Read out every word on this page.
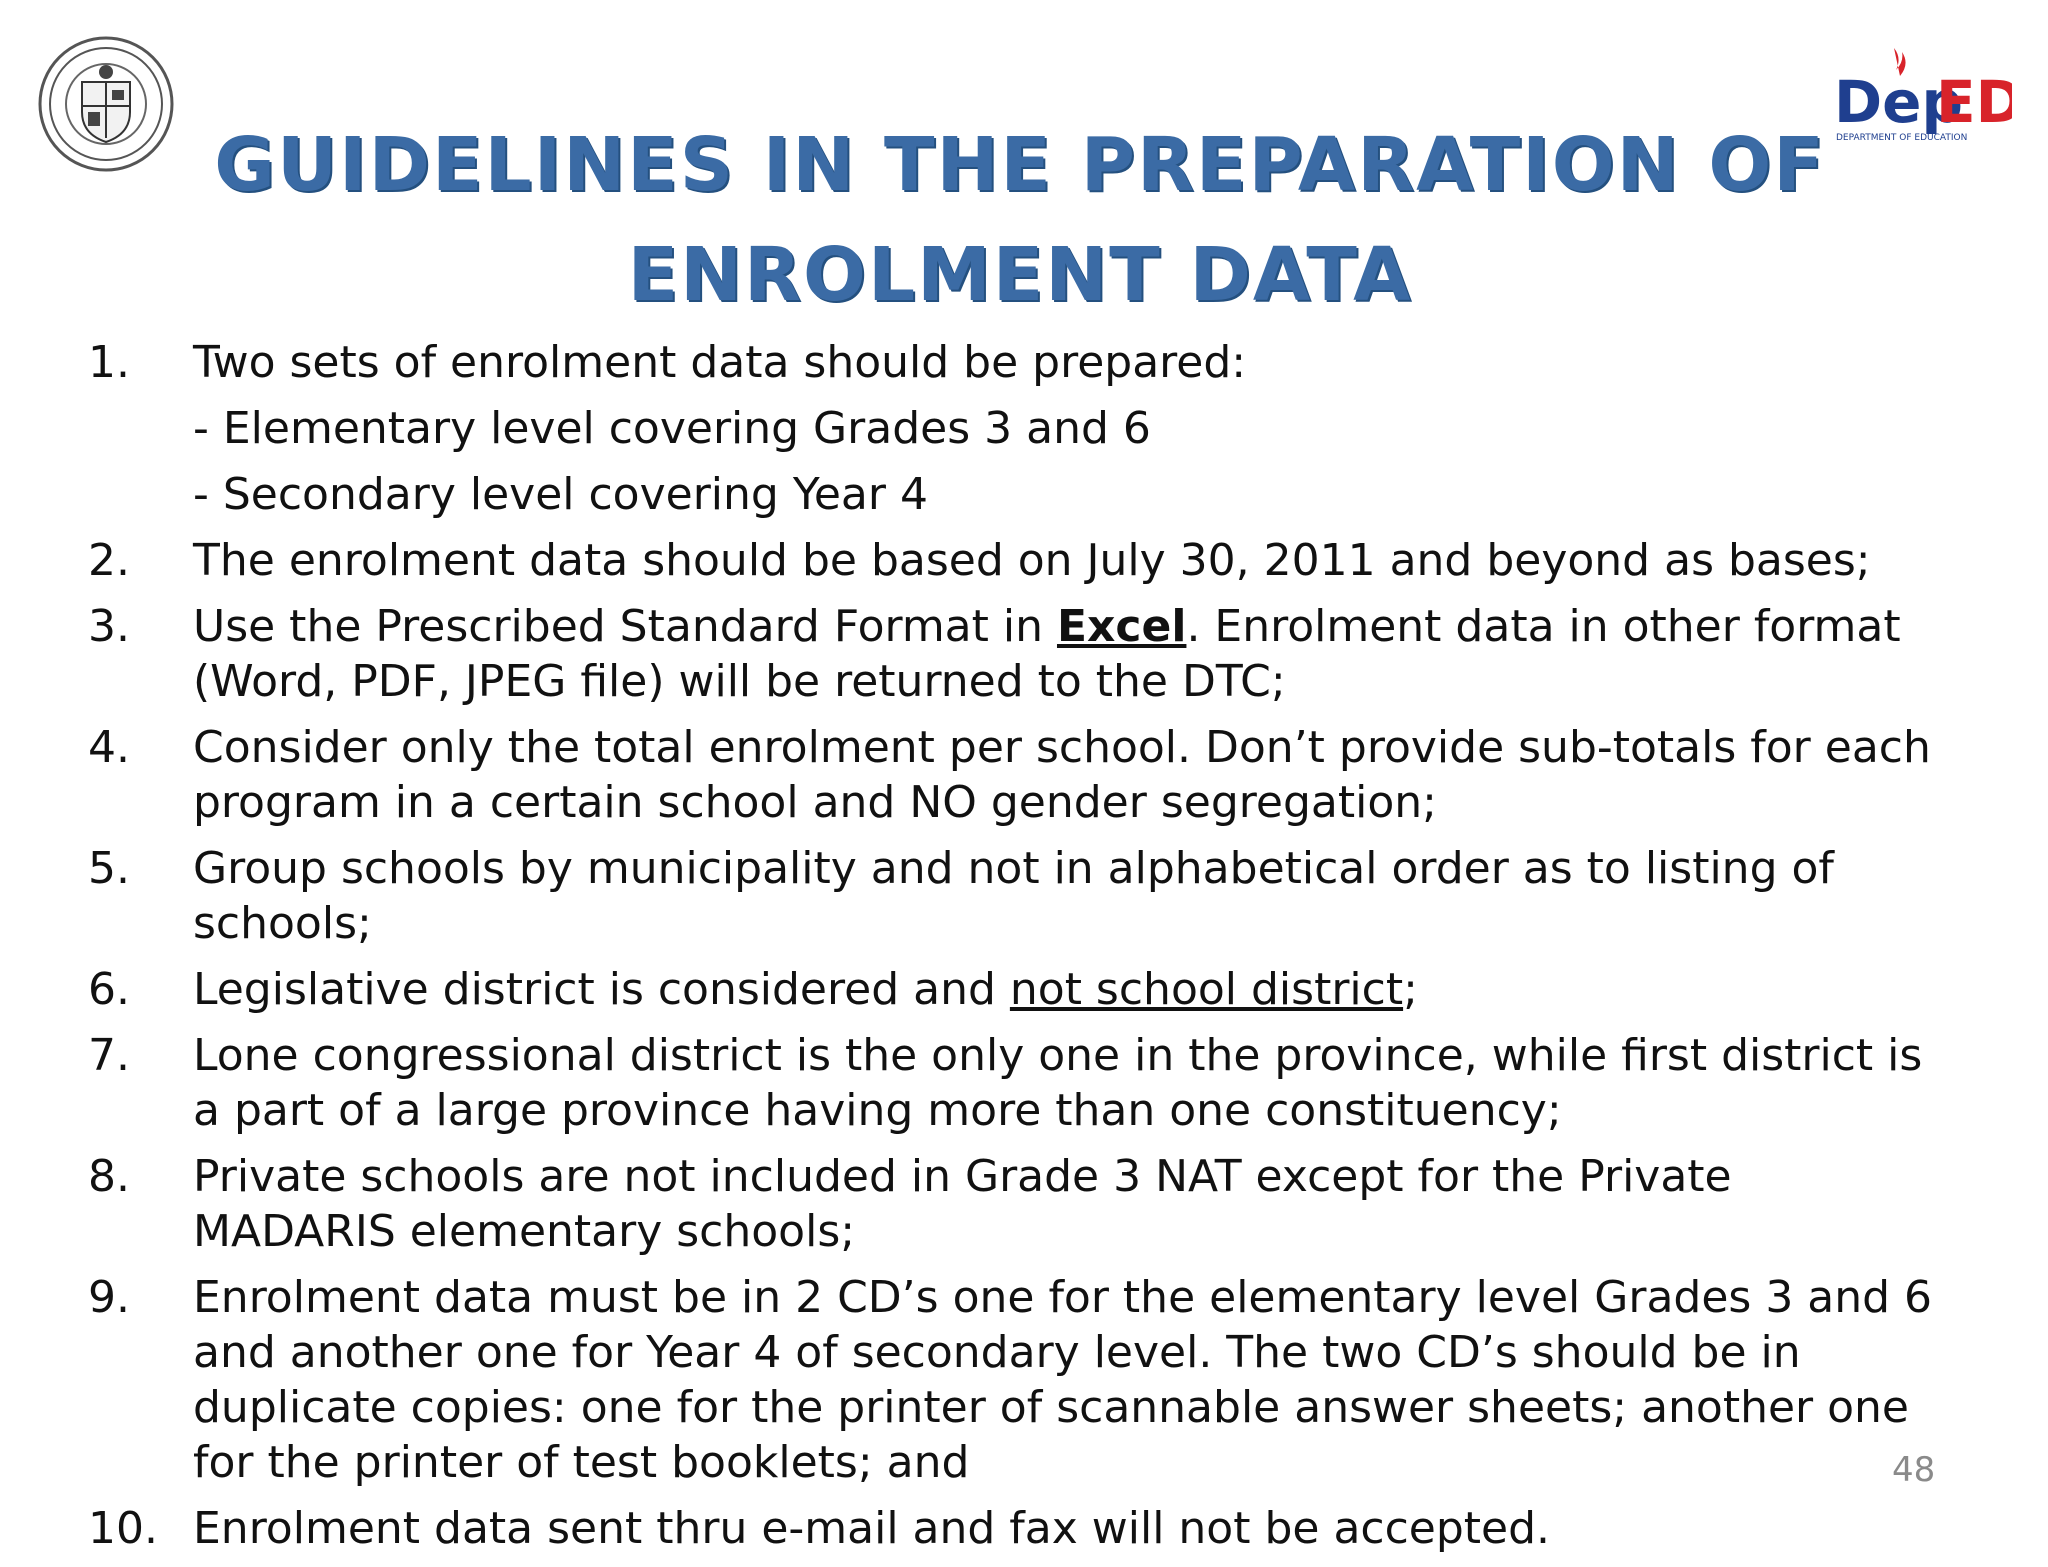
Dep
ED
DEPARTMENT OF EDUCATION
GUIDELINES IN THE PREPARATION OF
ENROLMENT DATA
1.	Two sets of enrolment data should be prepared:
- Elementary level covering Grades 3 and 6
- Secondary level covering Year 4
2.	The enrolment data should be based on July 30, 2011 and beyond as bases;
3.	Use the Prescribed Standard Format in Excel. Enrolment data in other format (Word, PDF, JPEG file) will be returned to the DTC;
4.	Consider only the total enrolment per school. Don’t provide sub-totals for each program in a certain school and NO gender segregation;
5.	Group schools by municipality and not in alphabetical order as to listing of schools;
6.	Legislative district is considered and not school district;
7.	Lone congressional district is the only one in the province, while first district is a part of a large province having more than one constituency;
8.	Private schools are not included in Grade 3 NAT except for the Private MADARIS elementary schools;
9.	Enrolment data must be in 2 CD’s one for the elementary level Grades 3 and 6 and another one for Year 4 of secondary level. The two CD’s should be in duplicate copies: one for the printer of scannable answer sheets; another one for the printer of test booklets; and
10. Enrolment data sent thru e-mail and fax will not be accepted.
48
